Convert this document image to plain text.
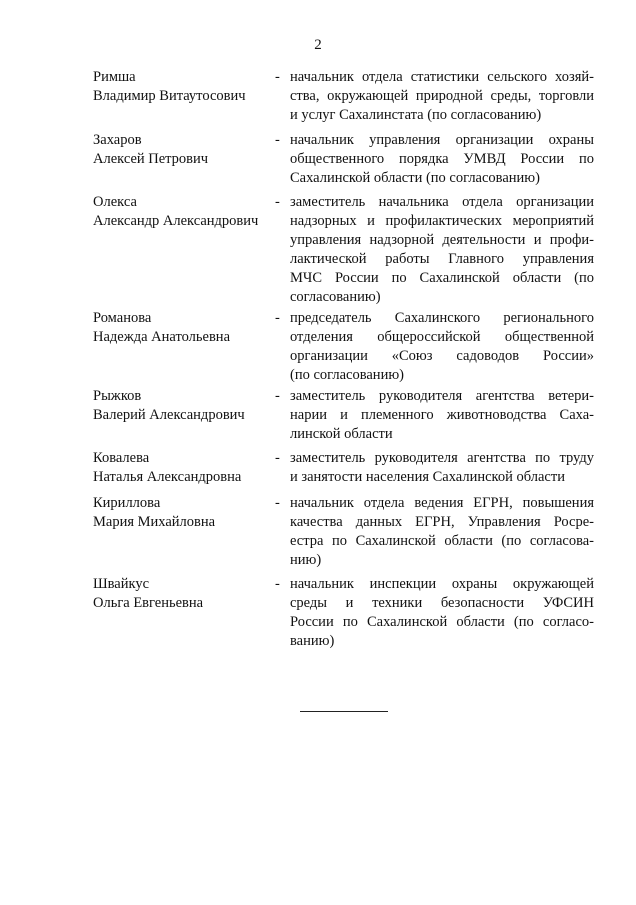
2
Римша
Владимир Витаутосович
- начальник отдела статистики сельского хозяй-
ства, окружающей природной среды, торговли
и услуг Сахалинстата (по согласованию)
Захаров
Алексей Петрович
- начальник управления организации охраны
общественного порядка УМВД России по
Сахалинской области (по согласованию)
Олекса
Александр Александрович
- заместитель начальника отдела организации
надзорных и профилактических мероприятий
управления надзорной деятельности и профи-
лактической работы Главного управления
МЧС России по Сахалинской области (по
согласованию)
Романова
Надежда Анатольевна
- председатель Сахалинского регионального
отделения общероссийской общественной
организации «Союз садоводов России»
(по согласованию)
Рыжков
Валерий Александрович
- заместитель руководителя агентства ветери-
нарии и племенного животноводства Саха-
линской области
Ковалева
Наталья Александровна
- заместитель руководителя агентства по труду
и занятости населения Сахалинской области
Кириллова
Мария Михайловна
- начальник отдела ведения ЕГРН, повышения
качества данных ЕГРН, Управления Росре-
естра по Сахалинской области (по согласова-
нию)
Швайкус
Ольга Евгеньевна
- начальник инспекции охраны окружающей
среды и техники безопасности УФСИН
России по Сахалинской области (по согласо-
ванию)
